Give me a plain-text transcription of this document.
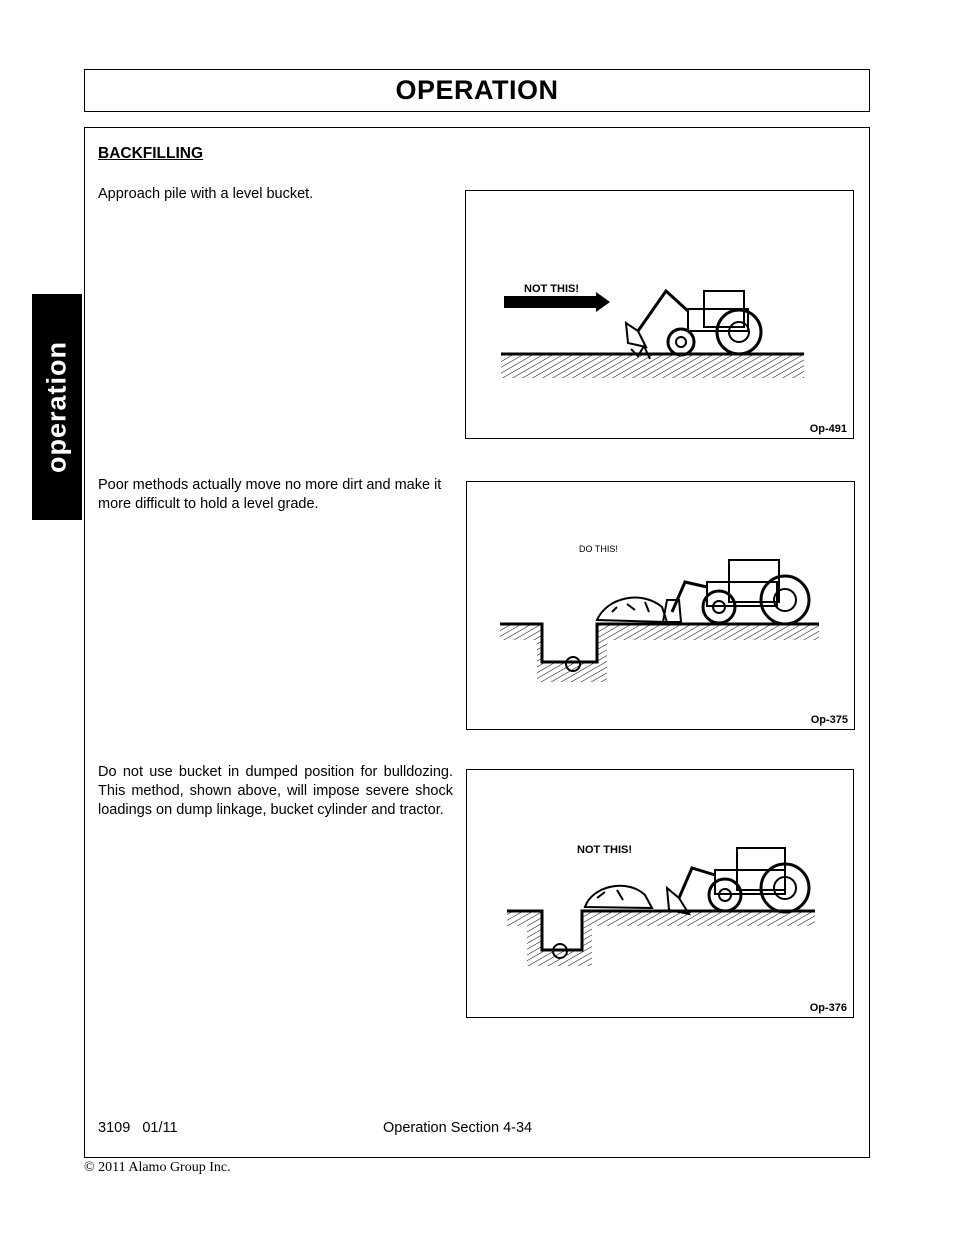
OPERATION
operation
BACKFILLING
Approach pile with a level bucket.
Poor methods actually move no more dirt and make it more difficult to hold a level grade.
Do not use bucket in dumped position for bulldozing. This method, shown above, will impose severe shock loadings on dump linkage, bucket cylinder and tractor.
NOT THIS!
Op-491
DO THIS!
Op-375
NOT THIS!
Op-376
3109   01/11	Operation Section 4-34
© 2011 Alamo Group Inc.
